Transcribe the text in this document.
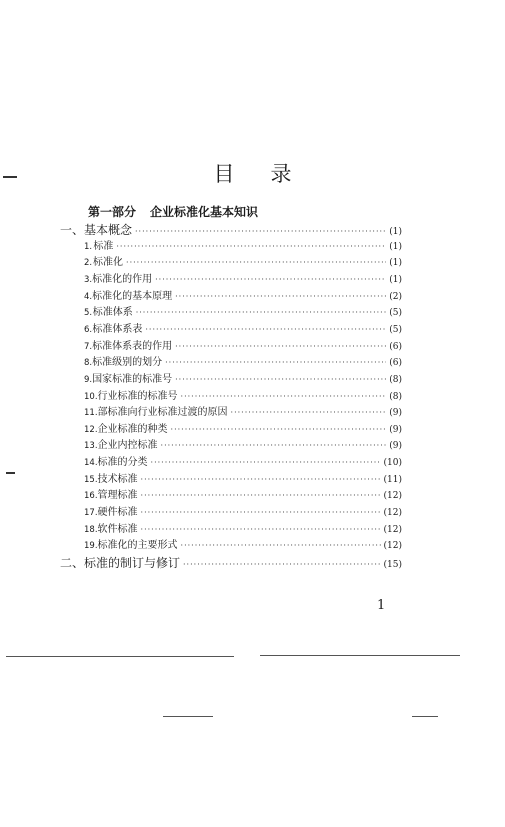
目 录
第一部分 企业标准化基本知识
一、 基本概念 ·····	(1)
1. 标准 ·····	(1)
2. 标准化 ·····	(1)
3. 标准化的作用 ·····	(1)
4. 标准化的基本原理 ·····	(2)
5. 标准体系 ·····	(5)
6. 标准体系表 ·····	(5)
7. 标准体系表的作用 ·····	(6)
8. 标准级别的划分 ·····	(6)
9. 国家标准的标准号 ·····	(8)
10. 行业标准的标准号 ·····	(8)
11. 部标准向行业标准过渡的原因 ·····	(9)
12. 企业标准的种类 ·····	(9)
13. 企业内控标准 ·····	(9)
14. 标准的分类 ·····	(10)
15. 技术标准 ·····	(11)
16. 管理标准 ·····	(12)
17. 硬件标准 ·····	(12)
18. 软件标准 ·····	(12)
19. 标准化的主要形式 ·····	(12)
二、 标准的制订与修订 ·····	(15)
1
